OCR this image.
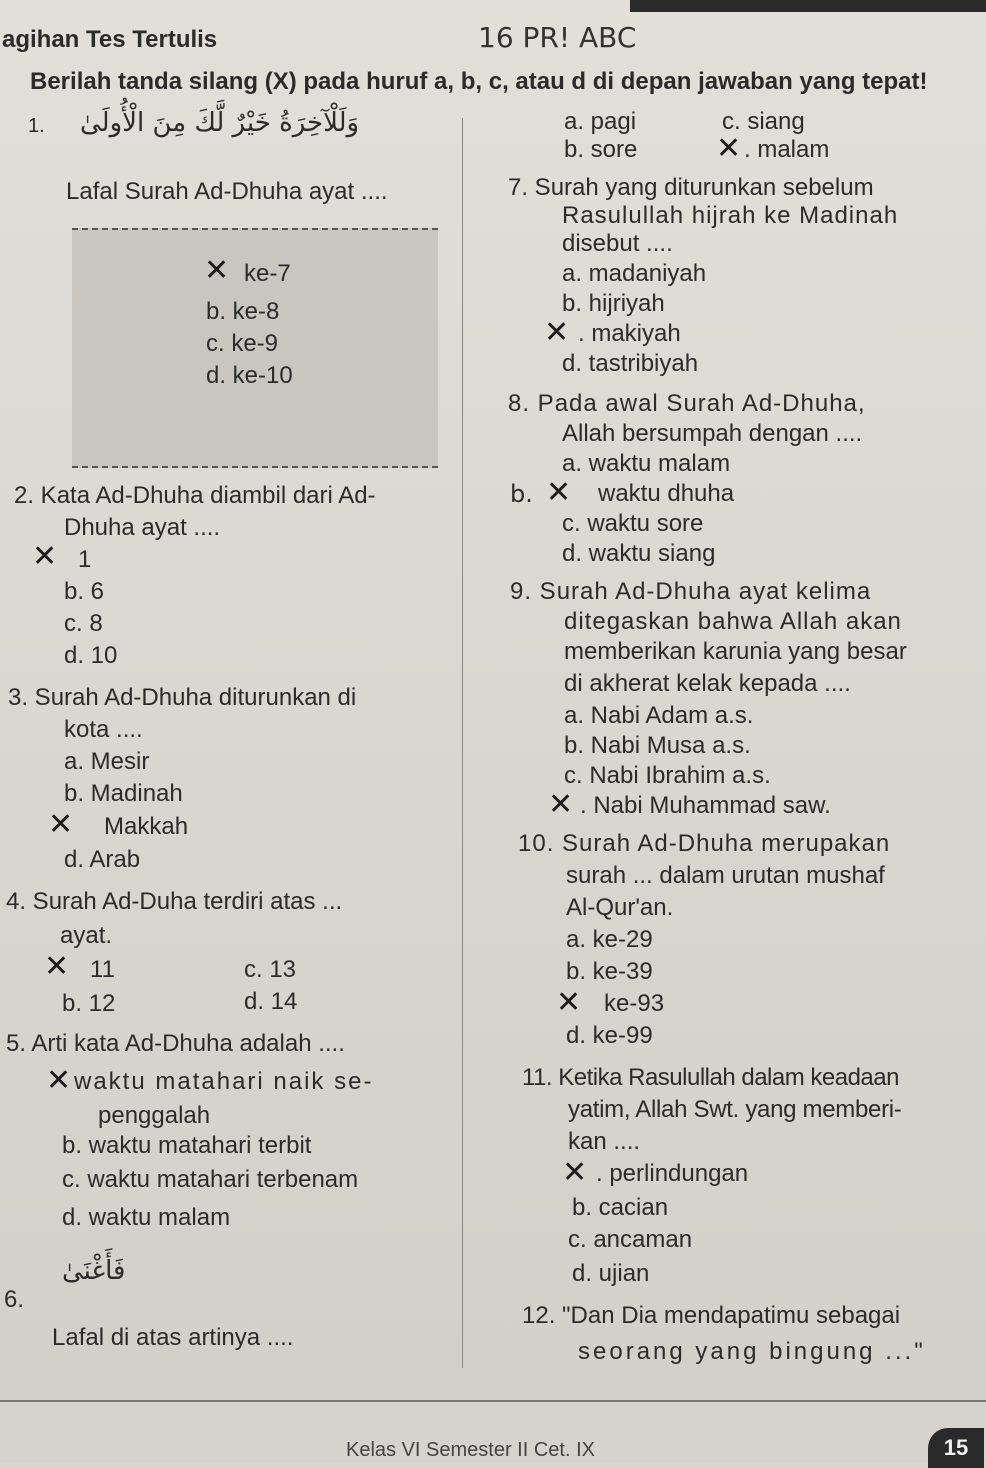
agihan Tes Tertulis	16 PR! ABC
Berilah tanda silang (X) pada huruf a, b, c, atau d di depan jawaban yang tepat!
1. وَلَلْآخِرَةُ خَيْرٌ لَّكَ مِنَ الْأُولَىٰ
Lafal Surah Ad-Dhuha ayat ....
✕ ke-7
b. ke-8
c. ke-9
d. ke-10
2. Kata Ad-Dhuha diambil dari Ad-
Dhuha ayat ....
✕ 1
b. 6
c. 8
d. 10
3. Surah Ad-Dhuha diturunkan di
kota ....
a. Mesir
b. Madinah
✕ Makkah
d. Arab
4. Surah Ad-Duha terdiri atas ...
ayat.
✕ 11	c. 13
b. 12	d. 14
5. Arti kata Ad-Dhuha adalah ....
✕ waktu matahari naik se-
penggalah
b. waktu matahari terbit
c. waktu matahari terbenam
d. waktu malam
6.
فَأَغْنَىٰ
Lafal di atas artinya ....
a. pagi	c. siang
b. sore	✕ . malam
7. Surah yang diturunkan sebelum
Rasulullah hijrah ke Madinah
disebut ....
a. madaniyah
b. hijriyah
✕ . makiyah
d. tastribiyah
8. Pada awal Surah Ad-Dhuha,
Allah bersumpah dengan ....
a. waktu malam
b. ✕ waktu dhuha
c. waktu sore
d. waktu siang
9. Surah Ad-Dhuha ayat kelima
ditegaskan bahwa Allah akan
memberikan karunia yang besar
di akherat kelak kepada ....
a. Nabi Adam a.s.
b. Nabi Musa a.s.
c. Nabi Ibrahim a.s.
✕ . Nabi Muhammad saw.
10. Surah Ad-Dhuha merupakan
surah ... dalam urutan mushaf
Al-Qur'an.
a. ke-29
b. ke-39
✕ ke-93
d. ke-99
11. Ketika Rasulullah dalam keadaan
yatim, Allah Swt. yang memberi-
kan ....
✕ . perlindungan
b. cacian
c. ancaman
d. ujian
12. "Dan Dia mendapatimu sebagai
seorang yang bingung ..."
Kelas VI Semester II Cet. IX	15
